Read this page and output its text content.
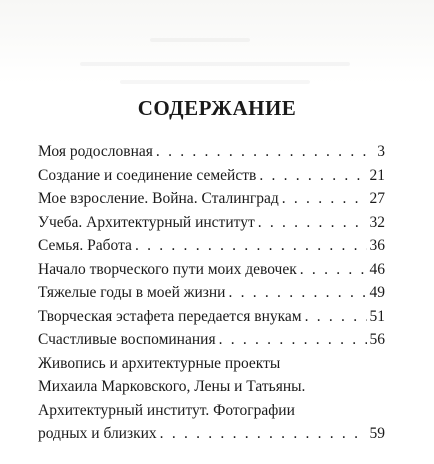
СОДЕРЖАНИЕ
Моя родословная . . .	3
Создание и соединение семейств . . .	21
Мое взросление. Война. Сталинград . . .	27
Учеба. Архитектурный институт . . .	32
Семья. Работа . . .	36
Начало творческого пути моих девочек . . .	46
Тяжелые годы в моей жизни . . .	49
Творческая эстафета передается внукам . . .	51
Счастливые воспоминания . . .	56
Живопись и архитектурные проекты
Михаила Марковского, Лены и Татьяны.
Архитектурный институт. Фотографии
родных и близких . . .	59
